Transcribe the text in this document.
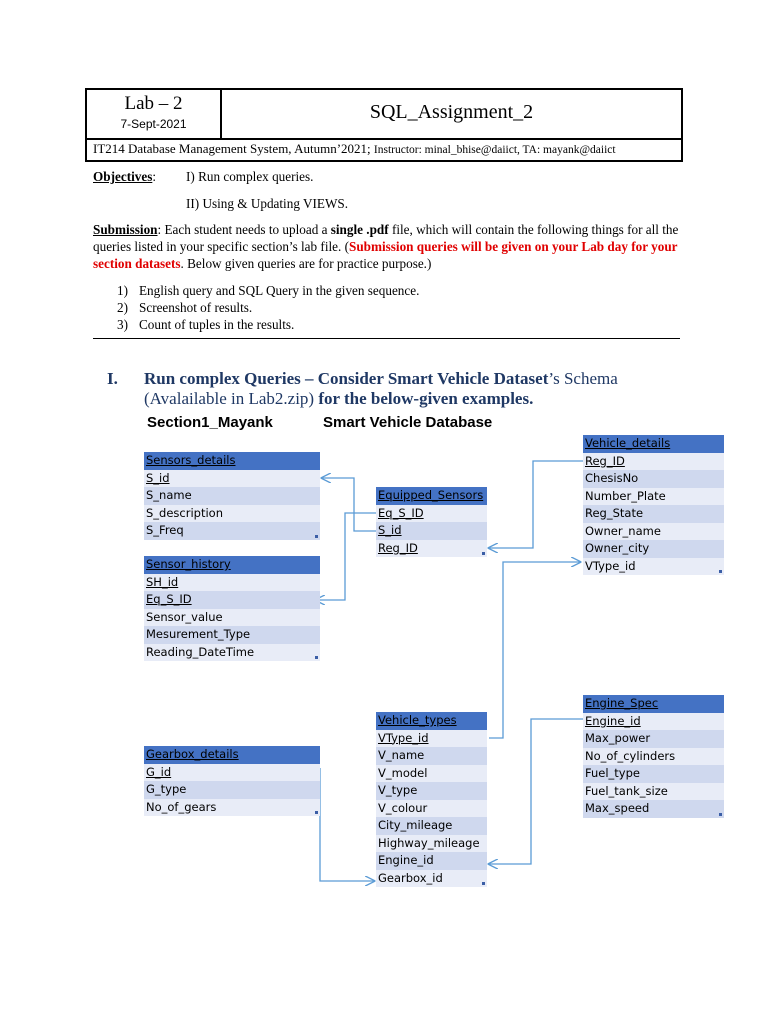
Lab – 2
7-Sept-2021
SQL_Assignment_2
IT214 Database Management System, Autumn’2021; Instructor: minal_bhise@daiict, TA: mayank@daiict
Objectives: I) Run complex queries.
II) Using & Updating VIEWS.
Submission: Each student needs to upload a single .pdf file, which will contain the following things for all the queries listed in your specific section’s lab file. (Submission queries will be given on your Lab day for your section datasets. Below given queries are for practice purpose.)
1) English query and SQL Query in the given sequence.
2) Screenshot of results.
3) Count of tuples in the results.
I. Run complex Queries – Consider Smart Vehicle Dataset’s Schema
(Avalailable in Lab2.zip) for the below-given examples.
Section1_Mayank	Smart Vehicle Database
Sensors_details
S_id
S_name
S_description
S_Freq
Sensor_history
SH_id
Eq_S_ID
Sensor_value
Mesurement_Type
Reading_DateTime
Equipped_Sensors
Eq_S_ID
S_id
Reg_ID
Vehicle_details
Reg_ID
ChesisNo
Number_Plate
Reg_State
Owner_name
Owner_city
VType_id
Engine_Spec
Engine_id
Max_power
No_of_cylinders
Fuel_type
Fuel_tank_size
Max_speed
Vehicle_types
VType_id
V_name
V_model
V_type
V_colour
City_mileage
Highway_mileage
Engine_id
Gearbox_id
Gearbox_details
G_id
G_type
No_of_gears
